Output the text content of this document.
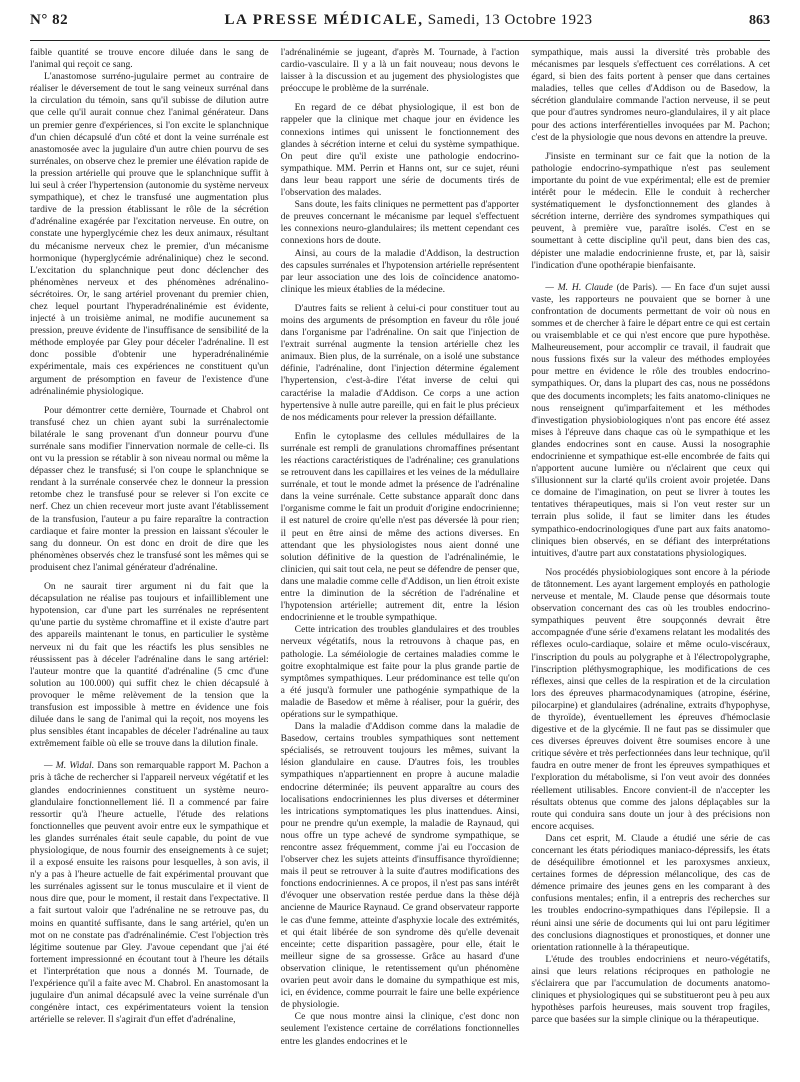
N° 82	LA PRESSE MÉDICALE, Samedi, 13 Octobre 1923	863

faible quantité se trouve encore diluée dans le sang de l'animal qui reçoit ce sang.

L'anastomose surréno-jugulaire permet au contraire de réaliser le déversement de tout le sang veineux surrénal dans la circulation du témoin, sans qu'il subisse de dilution autre que celle qu'il aurait connue chez l'animal générateur. Dans un premier genre d'expériences, si l'on excite le splanchnique d'un chien décapsulé d'un côté et dont la veine surrénale est anastomosée avec la jugulaire d'un autre chien pourvu de ses surrénales, on observe chez le premier une élévation rapide de la pression artérielle qui prouve que le splanchnique suffit à lui seul à créer l'hypertension (autonomie du système nerveux sympathique), et chez le transfusé une augmentation plus tardive de la pression établissant le rôle de la sécrétion d'adrénaline exagérée par l'excitation nerveuse. En outre, on constate une hyperglycémie chez les deux animaux, résultant du mécanisme nerveux chez le premier, d'un mécanisme hormonique (hyperglycémie adrénalinique) chez le second. L'excitation du splanchnique peut donc déclencher des phénomènes nerveux et des phénomènes adrénalino-sécrétoires. Or, le sang artériel provenant du premier chien, chez lequel pourtant l'hyperadrénalinémie est évidente, injecté à un troisième animal, ne modifie aucunement sa pression, preuve évidente de l'insuffisance de sensibilité de la méthode employée par Gley pour déceler l'adrénaline. Il est donc possible d'obtenir une hyperadrénalinémie expérimentale, mais ces expériences ne constituent qu'un argument de présomption en faveur de l'existence d'une adrénalinémie physiologique.

Pour démontrer cette dernière, Tournade et Chabrol ont transfusé chez un chien ayant subi la surrénalectomie bilatérale le sang provenant d'un donneur pourvu d'une surrénale sans modifier l'innervation normale de celle-ci. Ils ont vu la pression se rétablir à son niveau normal ou même la dépasser chez le transfusé; si l'on coupe le splanchnique se rendant à la surrénale conservée chez le donneur la pression retombe chez le transfusé pour se relever si l'on excite ce nerf. Chez un chien receveur mort juste avant l'établissement de la transfusion, l'auteur a pu faire reparaître la contraction cardiaque et faire monter la pression en laissant s'écouler le sang du donneur. On est donc en droit de dire que les phénomènes observés chez le transfusé sont les mêmes qui se produisent chez l'animal générateur d'adrénaline.

On ne saurait tirer argument ni du fait que la décapsulation ne réalise pas toujours et infailliblement une hypotension, car d'une part les surrénales ne représentent qu'une partie du système chromaffine et il existe d'autre part des appareils maintenant le tonus, en particulier le système nerveux ni du fait que les réactifs les plus sensibles ne réussissent pas à déceler l'adrénaline dans le sang artériel: l'auteur montre que la quantité d'adrénaline (5 cmc d'une solution au 100.000) qui suffit chez le chien décapsulé à provoquer le même relèvement de la tension que la transfusion est impossible à mettre en évidence une fois diluée dans le sang de l'animal qui la reçoit, nos moyens les plus sensibles étant incapables de déceler l'adrénaline au taux extrêmement faible où elle se trouve dans la dilution finale.

— M. Widal. Dans son remarquable rapport M. Pachon a pris à tâche de rechercher si l'appareil nerveux végétatif et les glandes endocriniennes constituent un système neuro-glandulaire fonctionnellement lié. Il a commencé par faire ressortir qu'à l'heure actuelle, l'étude des relations fonctionnelles que peuvent avoir entre eux le sympathique et les glandes surrénales était seule capable, du point de vue physiologique, de nous fournir des enseignements à ce sujet; il a exposé ensuite les raisons pour lesquelles, à son avis, il n'y a pas à l'heure actuelle de fait expérimental prouvant que les surrénales agissent sur le tonus musculaire et il vient de nous dire que, pour le moment, il restait dans l'expectative. Il a fait surtout valoir que l'adrénaline ne se retrouve pas, du moins en quantité suffisante, dans le sang artériel, qu'en un mot on ne constate pas d'adrénalinémie. C'est l'objection très légitime soutenue par Gley. J'avoue cependant que j'ai été fortement impressionné en écoutant tout à l'heure les détails et l'interprétation que nous a donnés M. Tournade, de l'expérience qu'il a faite avec M. Chabrol. En anastomosant la jugulaire d'un animal décapsulé avec la veine surrénale d'un congénère intact, ces expérimentateurs voient la tension artérielle se relever. Il s'agirait d'un effet d'adrénaline,

l'adrénalinémie se jugeant, d'après M. Tournade, à l'action cardio-vasculaire. Il y a là un fait nouveau; nous devons le laisser à la discussion et au jugement des physiologistes que préoccupe le problème de la surrénale.

En regard de ce débat physiologique, il est bon de rappeler que la clinique met chaque jour en évidence les connexions intimes qui unissent le fonctionnement des glandes à sécrétion interne et celui du système sympathique. On peut dire qu'il existe une pathologie endocrino-sympathique. MM. Perrin et Hanns ont, sur ce sujet, réuni dans leur beau rapport une série de documents tirés de l'observation des malades.

Sans doute, les faits cliniques ne permettent pas d'apporter de preuves concernant le mécanisme par lequel s'effectuent les connexions neuro-glandulaires; ils mettent cependant ces connexions hors de doute.

Ainsi, au cours de la maladie d'Addison, la destruction des capsules surrénales et l'hypotension artérielle représentent par leur association une des lois de coïncidence anatomo-clinique les mieux établies de la médecine.

D'autres faits se relient à celui-ci pour constituer tout au moins des arguments de présomption en faveur du rôle joué dans l'organisme par l'adrénaline. On sait que l'injection de l'extrait surrénal augmente la tension artérielle chez les animaux. Bien plus, de la surrénale, on a isolé une substance définie, l'adrénaline, dont l'injection détermine également l'hypertension, c'est-à-dire l'état inverse de celui qui caractérise la maladie d'Addison. Ce corps a une action hypertensive à nulle autre pareille, qui en fait le plus précieux de nos médicaments pour relever la pression défaillante.

Enfin le cytoplasme des cellules médullaires de la surrénale est rempli de granulations chromaffines présentant les réactions caractéristiques de l'adrénaline; ces granulations se retrouvent dans les capillaires et les veines de la médullaire surrénale, et tout le monde admet la présence de l'adrénaline dans la veine surrénale. Cette substance apparaît donc dans l'organisme comme le fait un produit d'origine endocrinienne; il est naturel de croire qu'elle n'est pas déversée là pour rien; il peut en être ainsi de même des actions diverses. En attendant que les physiologistes nous aient donné une solution définitive de la question de l'adrénalinémie, le clinicien, qui sait tout cela, ne peut se défendre de penser que, dans une maladie comme celle d'Addison, un lien étroit existe entre la diminution de la sécrétion de l'adrénaline et l'hypotension artérielle; autrement dit, entre la lésion endocrinienne et le trouble sympathique.

Cette intrication des troubles glandulaires et des troubles nerveux végétatifs, nous la retrouvons à chaque pas, en pathologie. La séméiologie de certaines maladies comme le goitre exophtalmique est faite pour la plus grande partie de symptômes sympathiques. Leur prédominance est telle qu'on a été jusqu'à formuler une pathogénie sympathique de la maladie de Basedow et même à réaliser, pour la guérir, des opérations sur le sympathique.

Dans la maladie d'Addison comme dans la maladie de Basedow, certains troubles sympathiques sont nettement spécialisés, se retrouvent toujours les mêmes, suivant la lésion glandulaire en cause. D'autres fois, les troubles sympathiques n'appartiennent en propre à aucune maladie endocrine déterminée; ils peuvent apparaître au cours des localisations endocriniennes les plus diverses et déterminer les intrications symptomatiques les plus inattendues. Ainsi, pour ne prendre qu'un exemple, la maladie de Raynaud, qui nous offre un type achevé de syndrome sympathique, se rencontre assez fréquemment, comme j'ai eu l'occasion de l'observer chez les sujets atteints d'insuffisance thyroïdienne; mais il peut se retrouver à la suite d'autres modifications des fonctions endocriniennes. A ce propos, il n'est pas sans intérêt d'évoquer une observation restée perdue dans la thèse déjà ancienne de Maurice Raynaud. Ce grand observateur rapporte le cas d'une femme, atteinte d'asphyxie locale des extrémités, et qui était libérée de son syndrome dès qu'elle devenait enceinte; cette disparition passagère, pour elle, était le meilleur signe de sa grossesse. Grâce au hasard d'une observation clinique, le retentissement qu'un phénomène ovarien peut avoir dans le domaine du sympathique est mis, ici, en évidence, comme pourrait le faire une belle expérience de physiologie.

Ce que nous montre ainsi la clinique, c'est donc non seulement l'existence certaine de corrélations fonctionnelles entre les glandes endocrines et le

sympathique, mais aussi la diversité très probable des mécanismes par lesquels s'effectuent ces corrélations. A cet égard, si bien des faits portent à penser que dans certaines maladies, telles que celles d'Addison ou de Basedow, la sécrétion glandulaire commande l'action nerveuse, il se peut que pour d'autres syndromes neuro-glandulaires, il y ait place pour des actions interférentielles invoquées par M. Pachon; c'est de la physiologie que nous devons en attendre la preuve.

J'insiste en terminant sur ce fait que la notion de la pathologie endocrino-sympathique n'est pas seulement importante du point de vue expérimental; elle est de premier intérêt pour le médecin. Elle le conduit à rechercher systématiquement le dysfonctionnement des glandes à sécrétion interne, derrière des syndromes sympathiques qui peuvent, à première vue, paraître isolés. C'est en se soumettant à cette discipline qu'il peut, dans bien des cas, dépister une maladie endocrinienne fruste, et, par là, saisir l'indication d'une opothérapie bienfaisante.

— M. H. Claude (de Paris). — En face d'un sujet aussi vaste, les rapporteurs ne pouvaient que se borner à une confrontation de documents permettant de voir où nous en sommes et de chercher à faire le départ entre ce qui est certain ou vraisemblable et ce qui n'est encore que pure hypothèse. Malheureusement, pour accomplir ce travail, il faudrait que nous fussions fixés sur la valeur des méthodes employées pour mettre en évidence le rôle des troubles endocrino-sympathiques. Or, dans la plupart des cas, nous ne possédons que des documents incomplets; les faits anatomo-cliniques ne nous renseignent qu'imparfaitement et les méthodes d'investigation physiobiologiques n'ont pas encore été assez mises à l'épreuve dans chaque cas où le sympathique et les glandes endocrines sont en cause. Aussi la nosographie endocrinienne et sympathique est-elle encombrée de faits qui n'apportent aucune lumière ou n'éclairent que ceux qui s'illusionnent sur la clarté qu'ils croient avoir projetée. Dans ce domaine de l'imagination, on peut se livrer à toutes les tentatives thérapeutiques, mais si l'on veut rester sur un terrain plus solide, il faut se limiter dans les études sympathico-endocrinologiques d'une part aux faits anatomo-cliniques bien observés, en se défiant des interprétations intuitives, d'autre part aux constatations physiologiques.

Nos procédés physiobiologiques sont encore à la période de tâtonnement. Les ayant largement employés en pathologie nerveuse et mentale, M. Claude pense que désormais toute observation concernant des cas où les troubles endocrino-sympathiques peuvent être soupçonnés devrait être accompagnée d'une série d'examens relatant les modalités des réflexes oculo-cardiaque, solaire et même oculo-viscéraux, l'inscription du pouls au polygraphe et à l'électropolygraphe, l'inscription pléthysmographique, les modifications de ces réflexes, ainsi que celles de la respiration et de la circulation lors des épreuves pharmacodynamiques (atropine, ésérine, pilocarpine) et glandulaires (adrénaline, extraits d'hypophyse, de thyroïde), éventuellement les épreuves d'hémoclasie digestive et de la glycémie. Il ne faut pas se dissimuler que ces diverses épreuves doivent être soumises encore à une critique sévère et très perfectionnées dans leur technique, qu'il faudra en outre mener de front les épreuves sympathiques et l'exploration du métabolisme, si l'on veut avoir des données réellement utilisables. Encore convient-il de n'accepter les résultats obtenus que comme des jalons déplaçables sur la route qui conduira sans doute un jour à des précisions non encore acquises.

Dans cet esprit, M. Claude a étudié une série de cas concernant les états périodiques maniaco-dépressifs, les états de déséquilibre émotionnel et les paroxysmes anxieux, certaines formes de dépression mélancolique, des cas de démence primaire des jeunes gens en les comparant à des confusions mentales; enfin, il a entrepris des recherches sur les troubles endocrino-sympathiques dans l'épilepsie. Il a réuni ainsi une série de documents qui lui ont paru légitimer des conclusions diagnostiques et pronostiques, et donner une orientation rationnelle à la thérapeutique.

L'étude des troubles endocriniens et neuro-végétatifs, ainsi que leurs relations réciproques en pathologie ne s'éclairera que par l'accumulation de documents anatomo-cliniques et physiologiques qui se substitueront peu à peu aux hypothèses parfois heureuses, mais souvent trop fragiles, parce que basées sur la simple clinique ou la thérapeutique.
